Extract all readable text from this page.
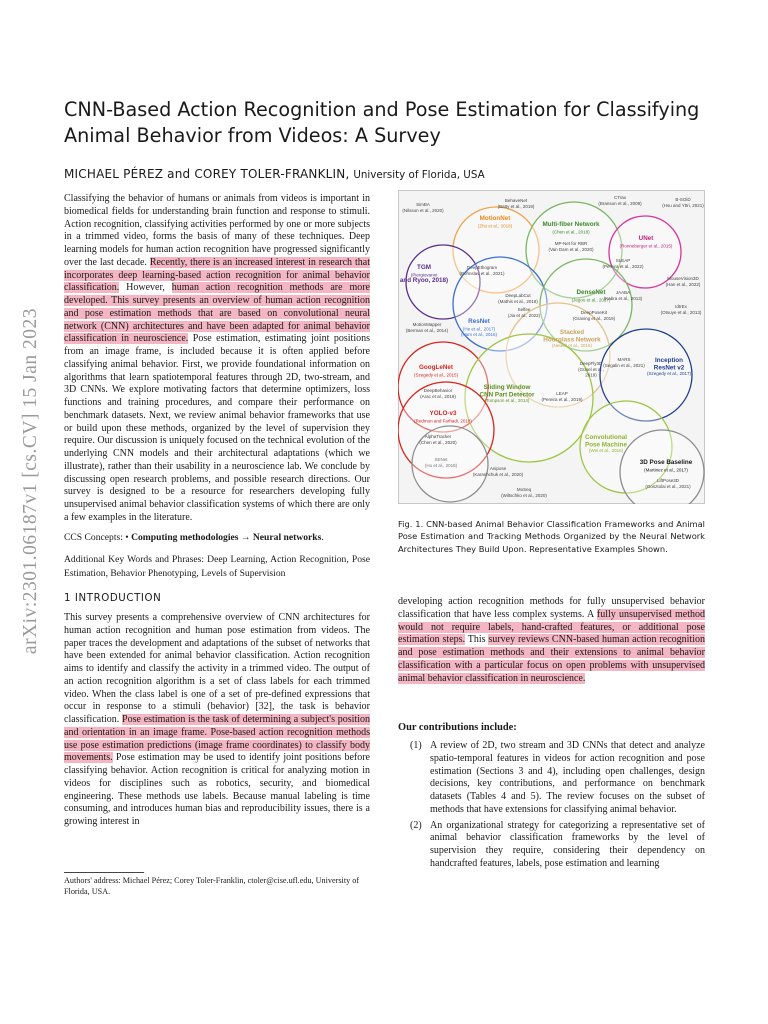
arXiv:2301.06187v1 [cs.CV] 15 Jan 2023
CNN-Based Action Recognition and Pose Estimation for Classifying
Animal Behavior from Videos: A Survey
MICHAEL PÉREZ and COREY TOLER-FRANKLIN, University of Florida, USA
Classifying the behavior of humans or animals from videos is important in biomedical fields for understanding brain function and response to stimuli. Action recognition, classifying activities performed by one or more subjects in a trimmed video, forms the basis of many of these techniques. Deep learning models for human action recognition have progressed significantly over the last decade. Recently, there is an increased interest in research that incorporates deep learning-based action recognition for animal behavior classification. However, human action recognition methods are more developed. This survey presents an overview of human action recognition and pose estimation methods that are based on convolutional neural network (CNN) architectures and have been adapted for animal behavior classification in neuroscience. Pose estimation, estimating joint positions from an image frame, is included because it is often applied before classifying animal behavior. First, we provide foundational information on algorithms that learn spatiotemporal features through 2D, two-stream, and 3D CNNs. We explore motivating factors that determine optimizers, loss functions and training procedures, and compare their performance on benchmark datasets. Next, we review animal behavior frameworks that use or build upon these methods, organized by the level of supervision they require. Our discussion is uniquely focused on the technical evolution of the underlying CNN models and their architectural adaptations (which we illustrate), rather than their usability in a neuroscience lab. We conclude by discussing open research problems, and possible research directions. Our survey is designed to be a resource for researchers developing fully unsupervised animal behavior classification systems of which there are only a few examples in the literature.
CCS Concepts: • Computing methodologies → Neural networks.
Additional Key Words and Phrases: Deep Learning, Action Recognition, Pose Estimation, Behavior Phenotyping, Levels of Supervision
1 INTRODUCTION
This survey presents a comprehensive overview of CNN architectures for human action recognition and human pose estimation from videos. The paper traces the development and adaptations of the subset of networks that have been extended for animal behavior classification. Action recognition aims to identify and classify the activity in a trimmed video. The output of an action recognition algorithm is a set of class labels for each trimmed video. When the class label is one of a set of pre-defined expressions that occur in response to a stimuli (behavior) [32], the task is behavior classification. Pose estimation is the task of determining a subject's position and orientation in an image frame. Pose-based action recognition methods use pose estimation predictions (image frame coordinates) to classify body movements. Pose estimation may be used to identify joint positions before classifying behavior. Action recognition is critical for analyzing motion in videos for disciplines such as robotics, security, and biomedical engineering. These methods use labels. Because manual labeling is time consuming, and introduces human bias and reproducibility issues, there is a growing interest in
Authors' address: Michael Pérez; Corey Toler-Franklin, ctoler@cise.ufl.edu, University of Florida, USA.
BehaveNet (Batty et al., 2019)
CTrax (Branson et al., 2009)
B-SOiD (Hsu and Yttri, 2021)
SimBA (Nilsson et al., 2020)
MotionNet (Zhu et al., 2018)	Multi-fiber Network (Chen et al., 2018)
MP-Net for RBR (Van Dam et al., 2020)
UNet (Ronneberger et al., 2015)
TGM (Piergiovanni and Ryoo, 2018)
DeepEthogram (Bohnslav et al., 2021)
SLEAP (Pereira et al., 2022)
MouseVision3D (Han et al., 2022)
DenseNet (Jegou et al., 2017)
JAABA (Kabra et al., 2013)
DeepLabCut (Mathis et al., 2018)
Selfee (Jia et al., 2022)
DeepPoseKit (Graving et al., 2019)
IdtrEx (Otsuye et al., 2013)
MotionMapper (Berman et al., 2014)
ResNet (He et al., 2017) (Nam et al., 2016)	Stacked Hourglass Network (Newell et al., 2016)
DeepFly3D (Günel et al., 2019)
MARS (Segalin et al., 2021)
Inception ResNet v2 (Szegedy et al., 2017)
GoogLeNet (Szegedy et al., 2015)
DeepBehavior (Arac et al., 2019)
Sliding Window CNN Part Detector (Tompson et al., 2014)
LEAP (Pereira et al., 2019)
YOLO-v3 (Redmon and Farhadi, 2018)
AlphaTracker (Chen et al., 2020)
Convolutional Pose Machine (Wei et al., 2016)
SENet (Hu et al., 2018)	3D Pose Baseline (Martinez et al., 2017)
LiftPose3D (Gosztolai et al., 2021)
Anipose (Karashchuk et al., 2020)
MoSeq (Wiltschko et al., 2020)
Fig. 1. CNN-based Animal Behavior Classification Frameworks and Animal Pose Estimation and Tracking Methods Organized by the Neural Network Architectures They Build Upon. Representative Examples Shown.
developing action recognition methods for fully unsupervised behavior classification that have less complex systems. A fully unsupervised method would not require labels, hand-crafted features, or additional pose estimation steps. This survey reviews CNN-based human action recognition and pose estimation methods and their extensions to animal behavior classification with a particular focus on open problems with unsupervised animal behavior classification in neuroscience.
Our contributions include:
(1) A review of 2D, two stream and 3D CNNs that detect and analyze spatio-temporal features in videos for action recognition and pose estimation (Sections 3 and 4), including open challenges, design decisions, key contributions, and performance on benchmark datasets (Tables 4 and 5). The review focuses on the subset of methods that have extensions for classifying animal behavior.
(2) An organizational strategy for categorizing a representative set of animal behavior classification frameworks by the level of supervision they require, considering their dependency on handcrafted features, labels, pose estimation and learning
